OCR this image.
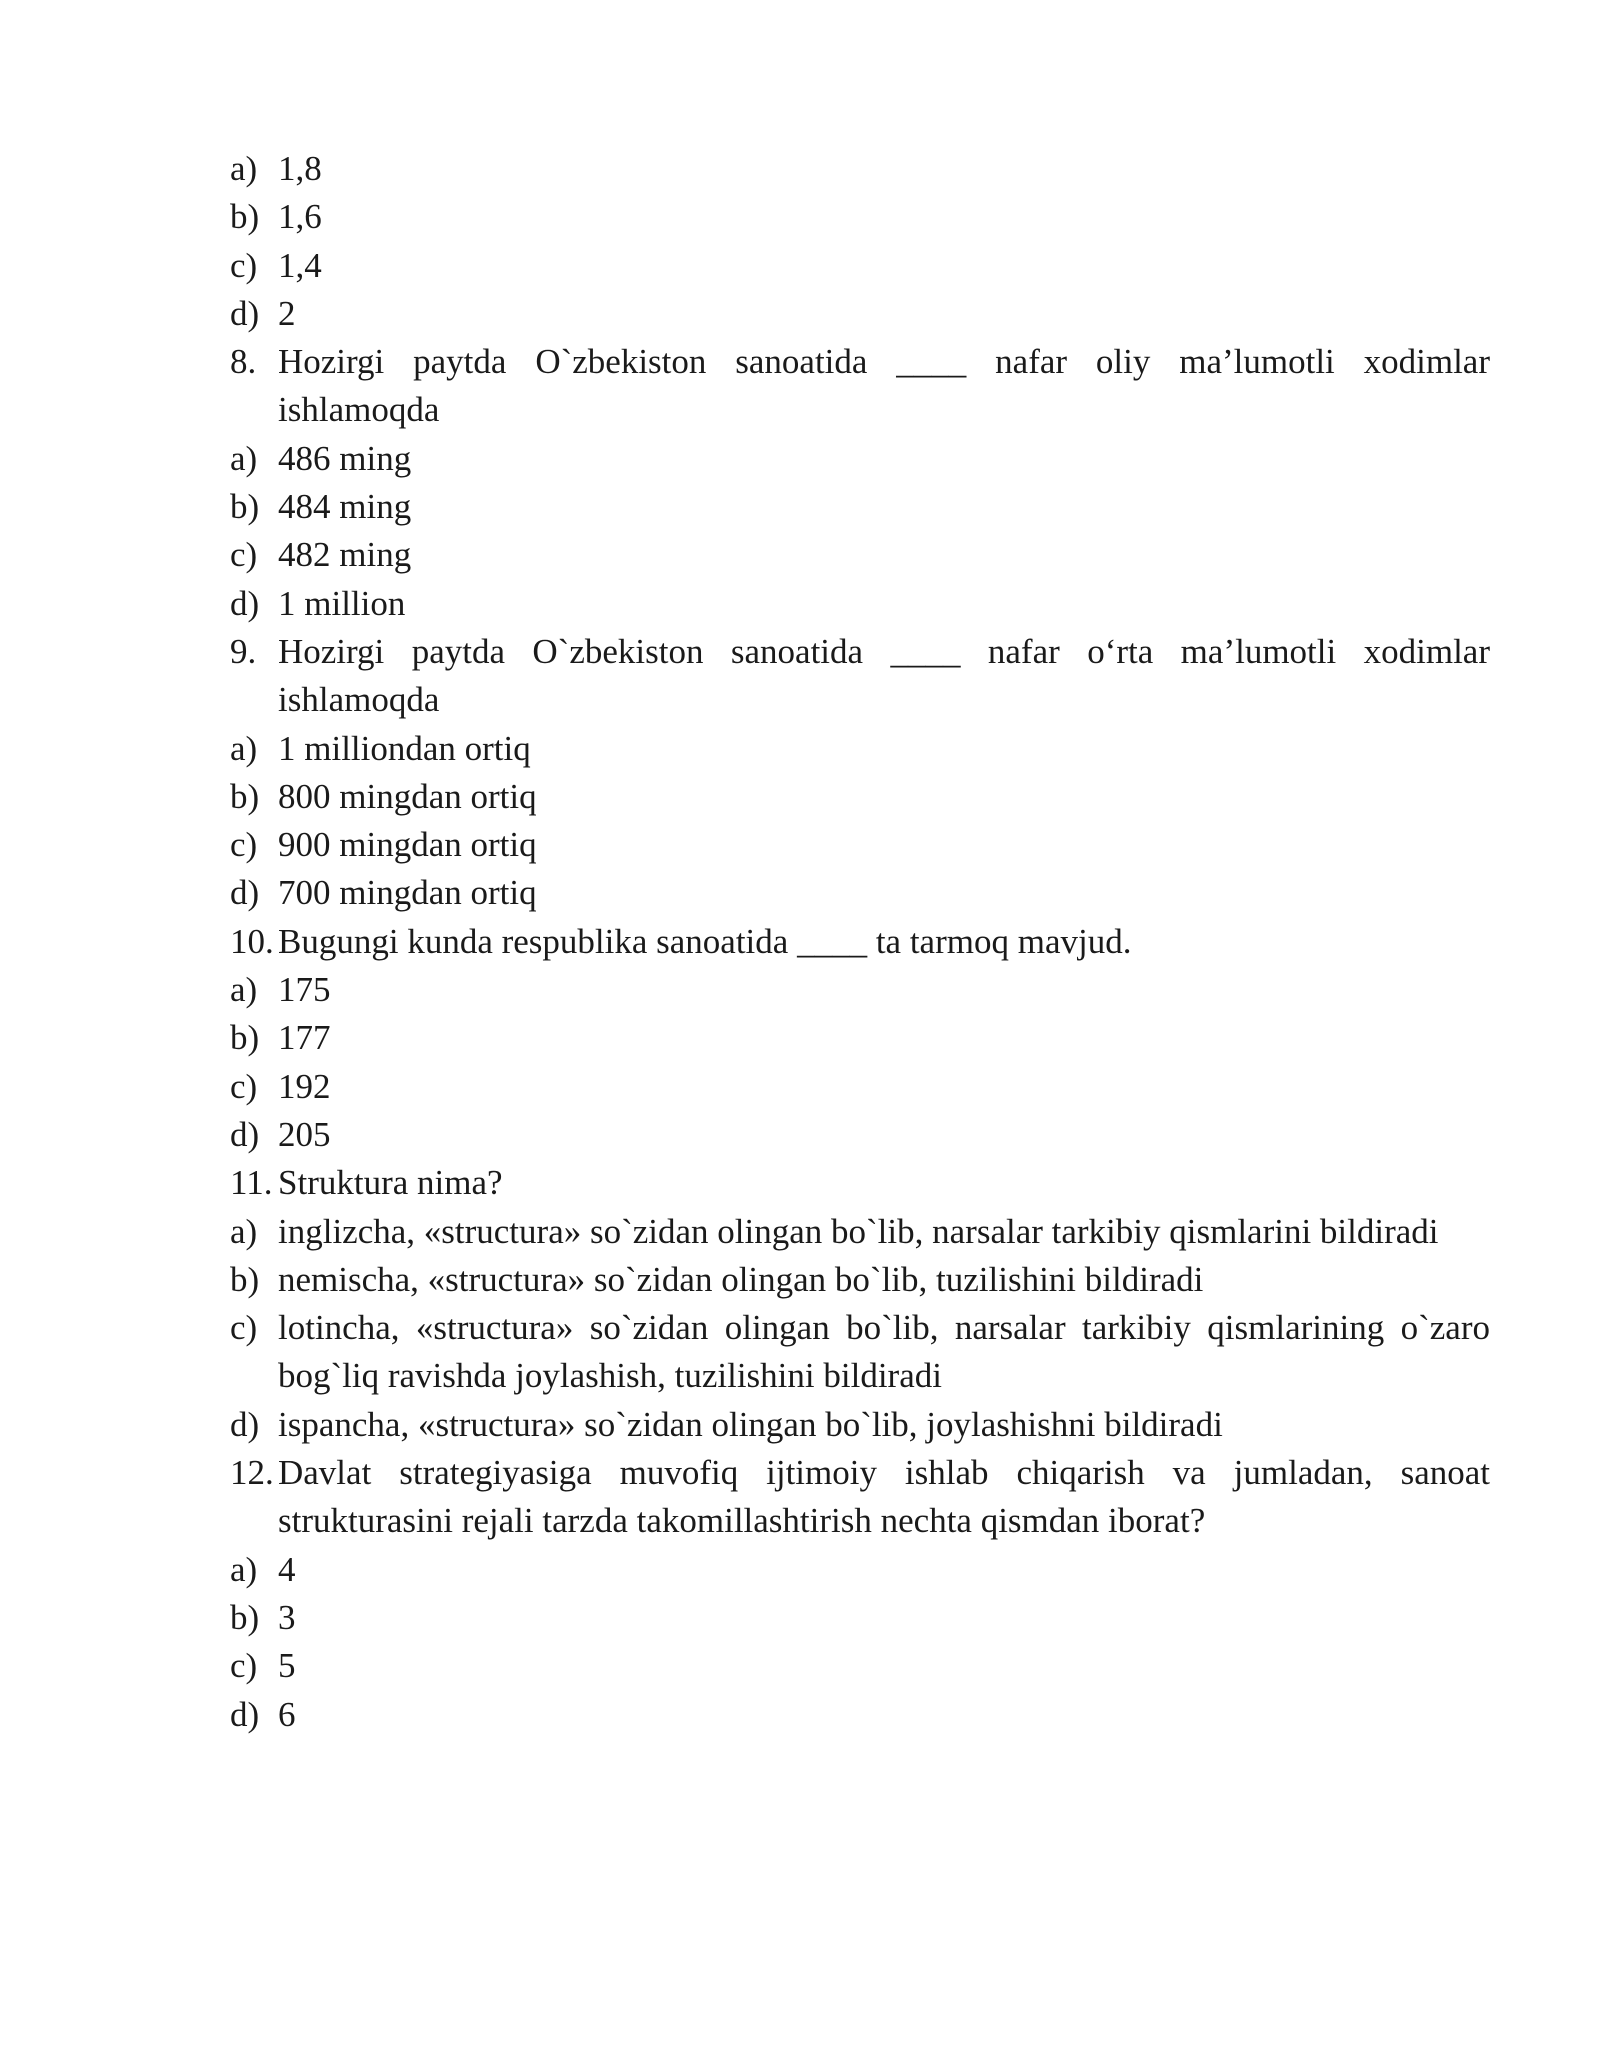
a) 1,8
b) 1,6
c) 1,4
d) 2
8. Hozirgi paytda O`zbekiston sanoatida ____ nafar oliy ma’lumotli xodimlar ishlamoqda
a) 486 ming
b) 484 ming
c) 482 ming
d) 1 million
9. Hozirgi paytda O`zbekiston sanoatida ____ nafar o‘rta ma’lumotli xodimlar ishlamoqda
a) 1 milliondan ortiq
b) 800 mingdan ortiq
c) 900 mingdan ortiq
d) 700 mingdan ortiq
10. Bugungi kunda respublika sanoatida ____ ta tarmoq mavjud.
a) 175
b) 177
c) 192
d) 205
11. Struktura nima?
a) inglizcha, «structura» so`zidan olingan bo`lib, narsalar tarkibiy qismlarini bildiradi
b) nemischa, «structura» so`zidan olingan bo`lib, tuzilishini bildiradi
c) lotincha, «structura» so`zidan olingan bo`lib, narsalar tarkibiy qismlarining o`zaro bog`liq ravishda joylashish, tuzilishini bildiradi
d) ispancha, «structura» so`zidan olingan bo`lib, joylashishni bildiradi
12. Davlat strategiyasiga muvofiq ijtimoiy ishlab chiqarish va jumladan, sanoat strukturasini rejali tarzda takomillashtirish nechta qismdan iborat?
a) 4
b) 3
c) 5
d) 6
